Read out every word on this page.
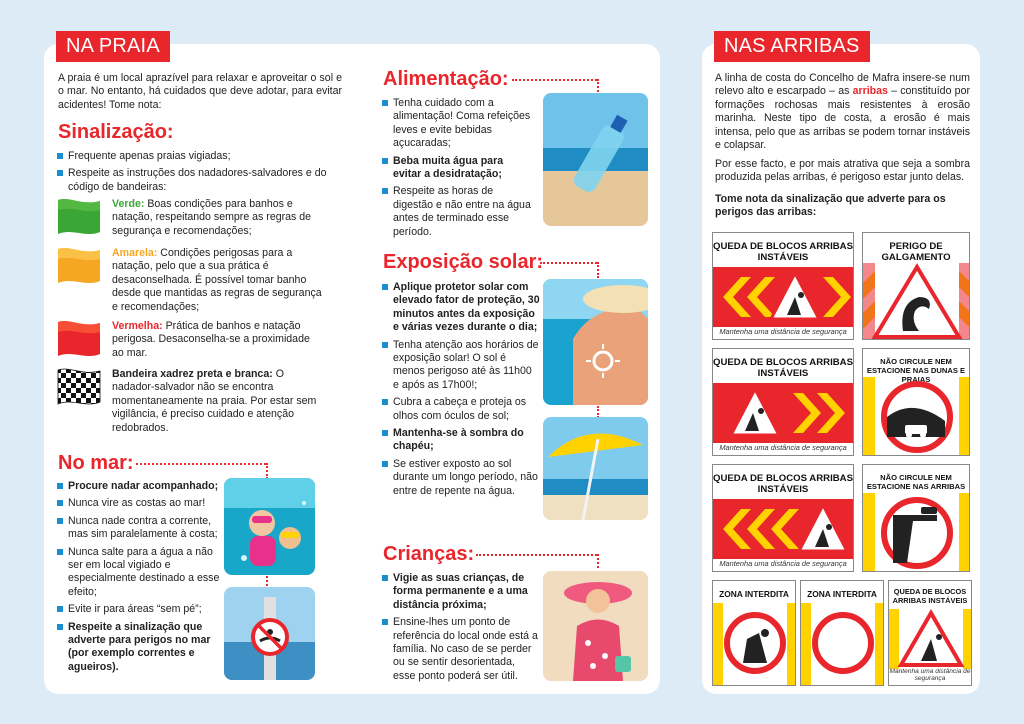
NA PRAIA
A praia é um local aprazível para relaxar e aproveitar o sol e o mar. No entanto, há cuidados que deve adotar, para evitar acidentes! Tome nota:
Sinalização:
Frequente apenas praias vigiadas;
Respeite as instruções dos nadadores-salvadores e do código de bandeiras:
Verde: Boas condições para banhos e natação, respeitando sempre as regras de segurança e recomendações;
Amarela: Condições perigosas para a natação, pelo que a sua prática é desaconselhada. É possível tomar banho desde que mantidas as regras de segurança e recomendações;
Vermelha: Prática de banhos e natação perigosa. Desaconselha-se a proximidade ao mar.
Bandeira xadrez preta e branca: O nadador-salvador não se encontra momentaneamente na praia. Por estar sem vigilância, é preciso cuidado e atenção redobrados.
No mar:
Procure nadar acompanhado;
Nunca vire as costas ao mar!
Nunca nade contra a corrente, mas sim paralelamente à costa;
Nunca salte para a água a não ser em local vigiado e especialmente destinado a esse efeito;
Evite ir para áreas “sem pé”;
Respeite a sinalização que adverte para perigos no mar (por exemplo correntes e agueiros).
Alimentação:
Tenha cuidado com a alimentação! Coma refeições leves e evite bebidas açucaradas;
Beba muita água para evitar a desidratação;
Respeite as horas de digestão e não entre na água antes de terminado esse período.
Exposição solar:
Aplique protetor solar com elevado fator de proteção, 30 minutos antes da exposição e várias vezes durante o dia;
Tenha atenção aos horários de exposição solar! O sol é menos perigoso até às 11h00 e após as 17h00!;
Cubra a cabeça e proteja os olhos com óculos de sol;
Mantenha-se à sombra do chapéu;
Se estiver exposto ao sol durante um longo período, não entre de repente na água.
Crianças:
Vigie as suas crianças, de forma permanente e a uma distância próxima;
Ensine-lhes um ponto de referência do local onde está a família. No caso de se perder ou se sentir desorientada, esse ponto poderá ser útil.
NAS ARRIBAS
A linha de costa do Concelho de Mafra insere-se num relevo alto e escarpado – as arribas – constituído por formações rochosas mais resistentes à erosão marinha. Neste tipo de costa, a erosão é mais intensa, pelo que as arribas se podem tornar instáveis e colapsar.
Por esse facto, e por mais atrativa que seja a sombra produzida pelas arribas, é perigoso estar junto delas.
Tome nota da sinalização que adverte para os perigos das arribas:
QUEDA DE BLOCOS ARRIBAS INSTÁVEIS
Mantenha uma distância de segurança
PERIGO DE GALGAMENTO
QUEDA DE BLOCOS ARRIBAS INSTÁVEIS
Mantenha uma distância de segurança
NÃO CIRCULE NEM ESTACIONE NAS DUNAS E PRAIAS
QUEDA DE BLOCOS ARRIBAS INSTÁVEIS
Mantenha uma distância de segurança
NÃO CIRCULE NEM ESTACIONE NAS ARRIBAS
ZONA INTERDITA	ZONA INTERDITA	QUEDA DE BLOCOS ARRIBAS INSTÁVEIS
Mantenha uma distância de segurança
